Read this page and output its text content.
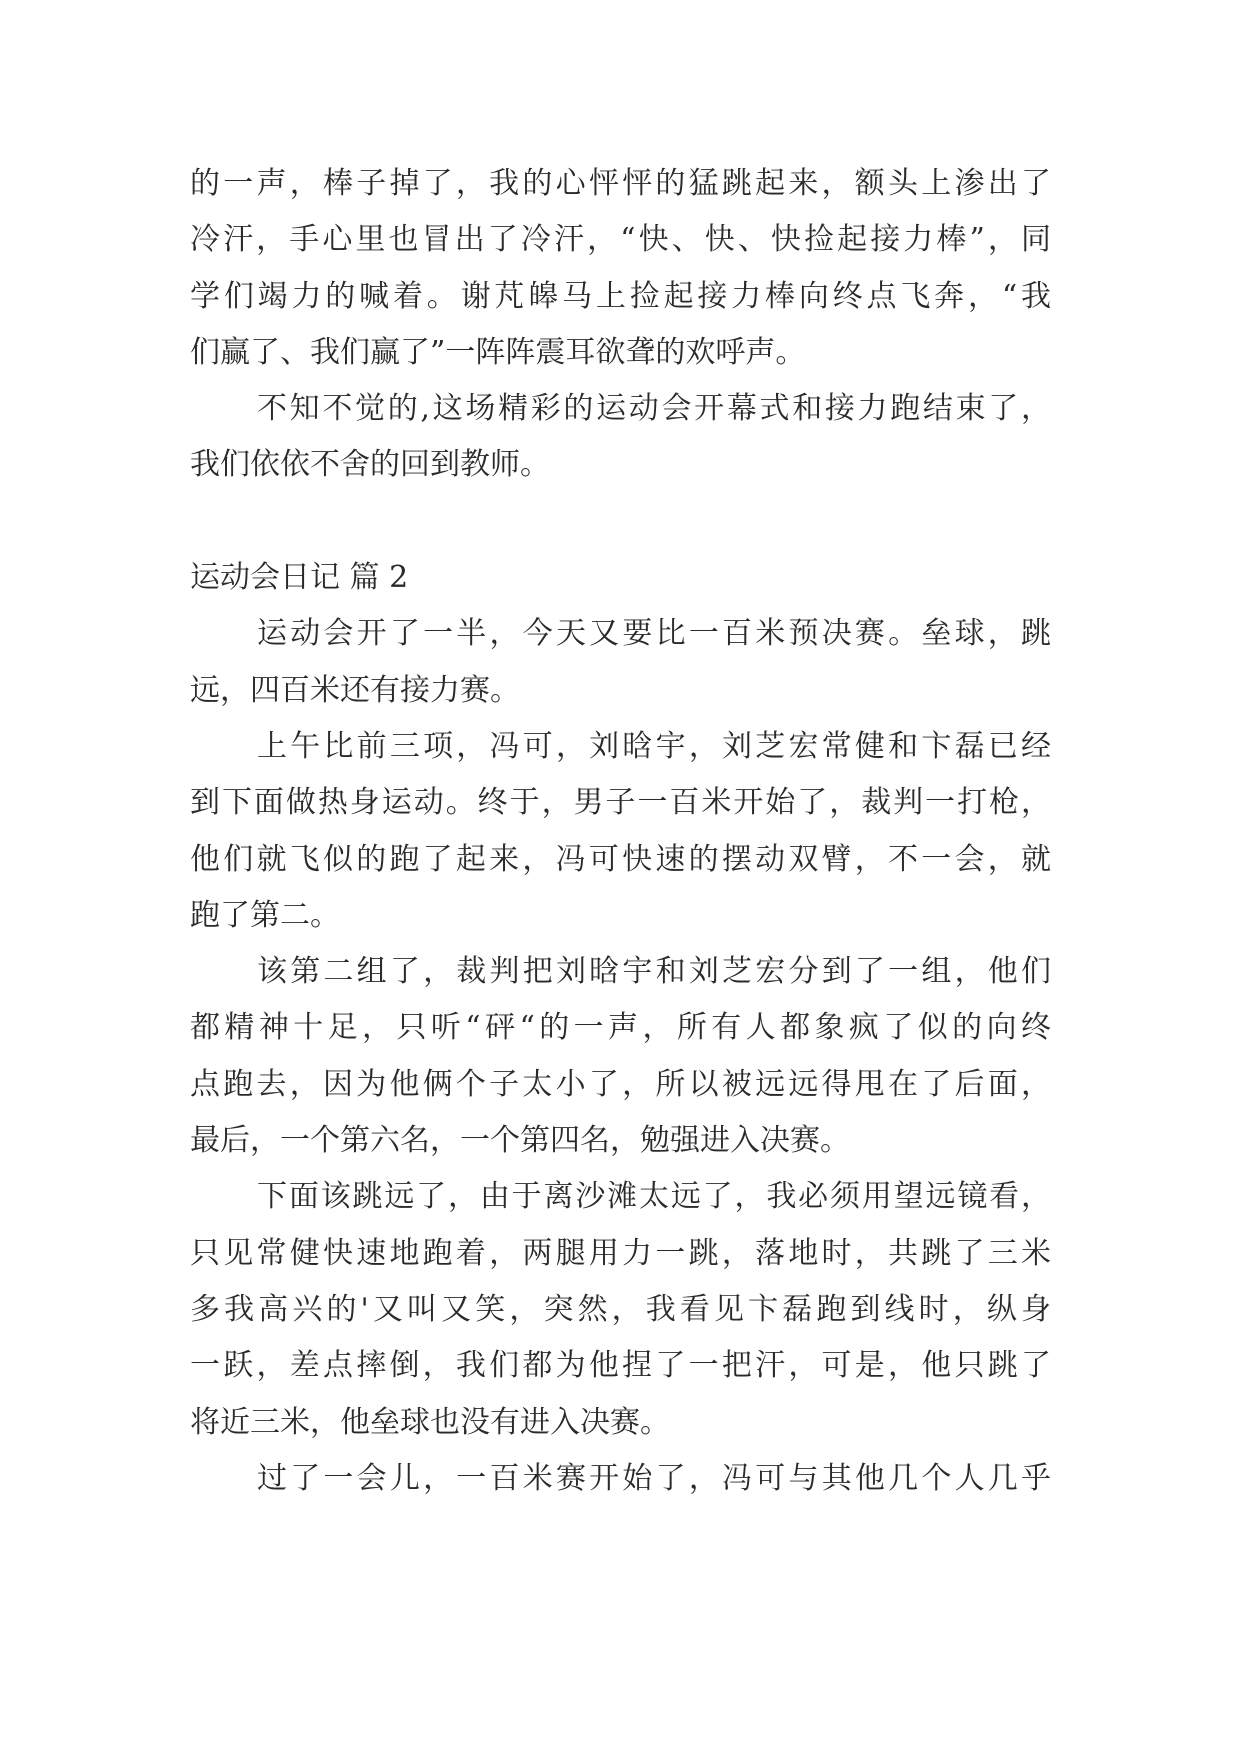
的一声，棒子掉了，我的心怦怦的猛跳起来，额头上渗出了
冷汗，手心里也冒出了冷汗，“快、快、快捡起接力棒”，同
学们竭力的喊着。谢芃皞马上捡起接力棒向终点飞奔，“我
们赢了、我们赢了”一阵阵震耳欲聋的欢呼声。
不知不觉的,这场精彩的运动会开幕式和接力跑结束了，
我们依依不舍的回到教师。
运动会日记 篇 2
运动会开了一半，今天又要比一百米预决赛。垒球，跳
远，四百米还有接力赛。
上午比前三项，冯可，刘晗宇，刘芝宏常健和卞磊已经
到下面做热身运动。终于，男子一百米开始了，裁判一打枪，
他们就飞似的跑了起来，冯可快速的摆动双臂，不一会，就
跑了第二。
该第二组了，裁判把刘晗宇和刘芝宏分到了一组，他们
都精神十足，只听“砰“的一声，所有人都象疯了似的向终
点跑去，因为他俩个子太小了，所以被远远得甩在了后面，
最后，一个第六名，一个第四名，勉强进入决赛。
下面该跳远了，由于离沙滩太远了，我必须用望远镜看，
只见常健快速地跑着，两腿用力一跳，落地时，共跳了三米
多我高兴的'又叫又笑，突然，我看见卞磊跑到线时，纵身
一跃，差点摔倒，我们都为他捏了一把汗，可是，他只跳了
将近三米，他垒球也没有进入决赛。
过了一会儿，一百米赛开始了，冯可与其他几个人几乎
